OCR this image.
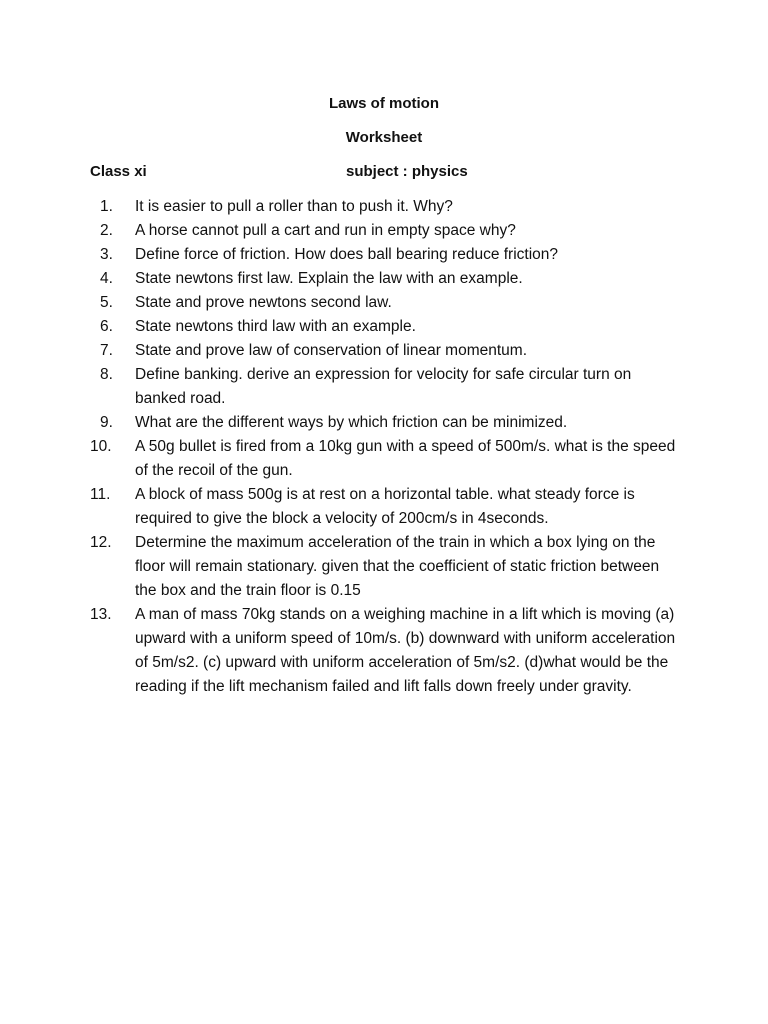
Laws of motion
Worksheet
Class xi	subject : physics
1.	It is easier to pull a roller than to push it. Why?
2.	A horse cannot pull a cart and run in empty space why?
3.	Define force of friction. How does ball bearing reduce friction?
4.	State newtons first law. Explain the law with an example.
5.	State and prove newtons second law.
6.	State newtons third law with an example.
7.	State and prove law of conservation of linear momentum.
8.	Define banking. derive an expression for velocity for safe circular turn on banked road.
9.	What are the different ways by which friction can be minimized.
10.	A 50g bullet is fired from a 10kg gun with a speed of 500m/s. what is the speed of the recoil of the gun.
11.	A block of mass 500g is at rest on a horizontal table. what steady force is required to give the block a velocity of 200cm/s in 4seconds.
12.	Determine the maximum acceleration of the train in which a box lying on the floor will remain stationary. given that the coefficient of static friction between the box and the train floor is 0.15
13.	A man of mass 70kg stands on a weighing machine in a lift which is moving (a) upward with a uniform speed of 10m/s. (b) downward with uniform acceleration of 5m/s2. (c) upward with uniform acceleration of 5m/s2. (d)what would be the reading if the lift mechanism failed and lift falls down freely under gravity.
